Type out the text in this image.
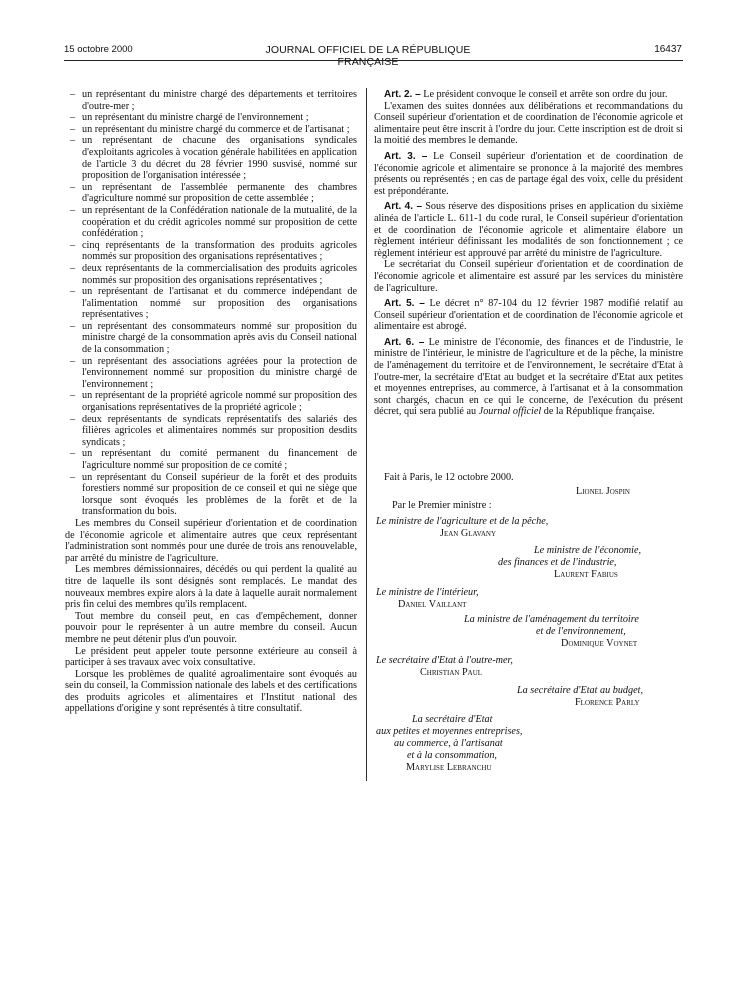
15 octobre 2000	JOURNAL OFFICIEL DE LA RÉPUBLIQUE FRANÇAISE
16437
– un représentant du ministre chargé des départements et territoires d'outre-mer ;
– un représentant du ministre chargé de l'environnement ;
– un représentant du ministre chargé du commerce et de l'artisanat ;
– un représentant de chacune des organisations syndicales d'exploitants agricoles à vocation générale habilitées en application de l'article 3 du décret du 28 février 1990 susvisé, nommé sur proposition de l'organisation intéressée ;
– un représentant de l'assemblée permanente des chambres d'agriculture nommé sur proposition de cette assemblée ;
– un représentant de la Confédération nationale de la mutualité, de la coopération et du crédit agricoles nommé sur proposition de cette confédération ;
– cinq représentants de la transformation des produits agricoles nommés sur proposition des organisations représentatives ;
– deux représentants de la commercialisation des produits agricoles nommés sur proposition des organisations représentatives ;
– un représentant de l'artisanat et du commerce indépendant de l'alimentation nommé sur proposition des organisations représentatives ;
– un représentant des consommateurs nommé sur proposition du ministre chargé de la consommation après avis du Conseil national de la consommation ;
– un représentant des associations agréées pour la protection de l'environnement nommé sur proposition du ministre chargé de l'environnement ;
– un représentant de la propriété agricole nommé sur proposition des organisations représentatives de la propriété agricole ;
– deux représentants de syndicats représentatifs des salariés des filières agricoles et alimentaires nommés sur proposition desdits syndicats ;
– un représentant du comité permanent du financement de l'agriculture nommé sur proposition de ce comité ;
– un représentant du Conseil supérieur de la forêt et des produits forestiers nommé sur proposition de ce conseil et qui ne siège que lorsque sont évoqués les problèmes de la forêt et de la transformation du bois.

Les membres du Conseil supérieur d'orientation et de coordination de l'économie agricole et alimentaire autres que ceux représentant l'administration sont nommés pour une durée de trois ans renouvelable, par arrêté du ministre de l'agriculture.

Les membres démissionnaires, décédés ou qui perdent la qualité au titre de laquelle ils sont désignés sont remplacés. Le mandat des nouveaux membres expire alors à la date à laquelle aurait normalement pris fin celui des membres qu'ils remplacent.

Tout membre du conseil peut, en cas d'empêchement, donner pouvoir pour le représenter à un autre membre du conseil. Aucun membre ne peut détenir plus d'un pouvoir.

Le président peut appeler toute personne extérieure au conseil à participer à ses travaux avec voix consultative.

Lorsque les problèmes de qualité agroalimentaire sont évoqués au sein du conseil, la Commission nationale des labels et des certifications des produits agricoles et alimentaires et l'Institut national des appellations d'origine y sont représentés à titre consultatif.

Art. 2. – Le président convoque le conseil et arrête son ordre du jour.

L'examen des suites données aux délibérations et recommandations du Conseil supérieur d'orientation et de coordination de l'économie agricole et alimentaire peut être inscrit à l'ordre du jour. Cette inscription est de droit si la moitié des membres le demande.

Art. 3. – Le Conseil supérieur d'orientation et de coordination de l'économie agricole et alimentaire se prononce à la majorité des membres présents ou représentés ; en cas de partage égal des voix, celle du président est prépondérante.

Art. 4. – Sous réserve des dispositions prises en application du sixième alinéa de l'article L. 611-1 du code rural, le Conseil supérieur d'orientation et de coordination de l'économie agricole et alimentaire élabore un règlement intérieur définissant les modalités de son fonctionnement ; ce règlement intérieur est approuvé par arrêté du ministre de l'agriculture.

Le secrétariat du Conseil supérieur d'orientation et de coordination de l'économie agricole et alimentaire est assuré par les services du ministère de l'agriculture.

Art. 5. – Le décret n° 87-104 du 12 février 1987 modifié relatif au Conseil supérieur d'orientation et de coordination de l'économie agricole et alimentaire est abrogé.

Art. 6. – Le ministre de l'économie, des finances et de l'industrie, le ministre de l'intérieur, le ministre de l'agriculture et de la pêche, la ministre de l'aménagement du territoire et de l'environnement, le secrétaire d'Etat à l'outre-mer, la secrétaire d'Etat au budget et la secrétaire d'Etat aux petites et moyennes entreprises, au commerce, à l'artisanat et à la consommation sont chargés, chacun en ce qui le concerne, de l'exécution du présent décret, qui sera publié au Journal officiel de la République française.

Fait à Paris, le 12 octobre 2000.
Lionel Jospin
Par le Premier ministre :
Le ministre de l'agriculture et de la pêche,
Jean Glavany
Le ministre de l'économie,
des finances et de l'industrie,
Laurent Fabius
Le ministre de l'intérieur,
Daniel Vaillant
La ministre de l'aménagement du territoire
et de l'environnement,
Dominique Voynet
Le secrétaire d'Etat à l'outre-mer,
Christian Paul
La secrétaire d'Etat au budget,
Florence Parly
La secrétaire d'Etat
aux petites et moyennes entreprises,
au commerce, à l'artisanat
et à la consommation,
Marylise Lebranchu
